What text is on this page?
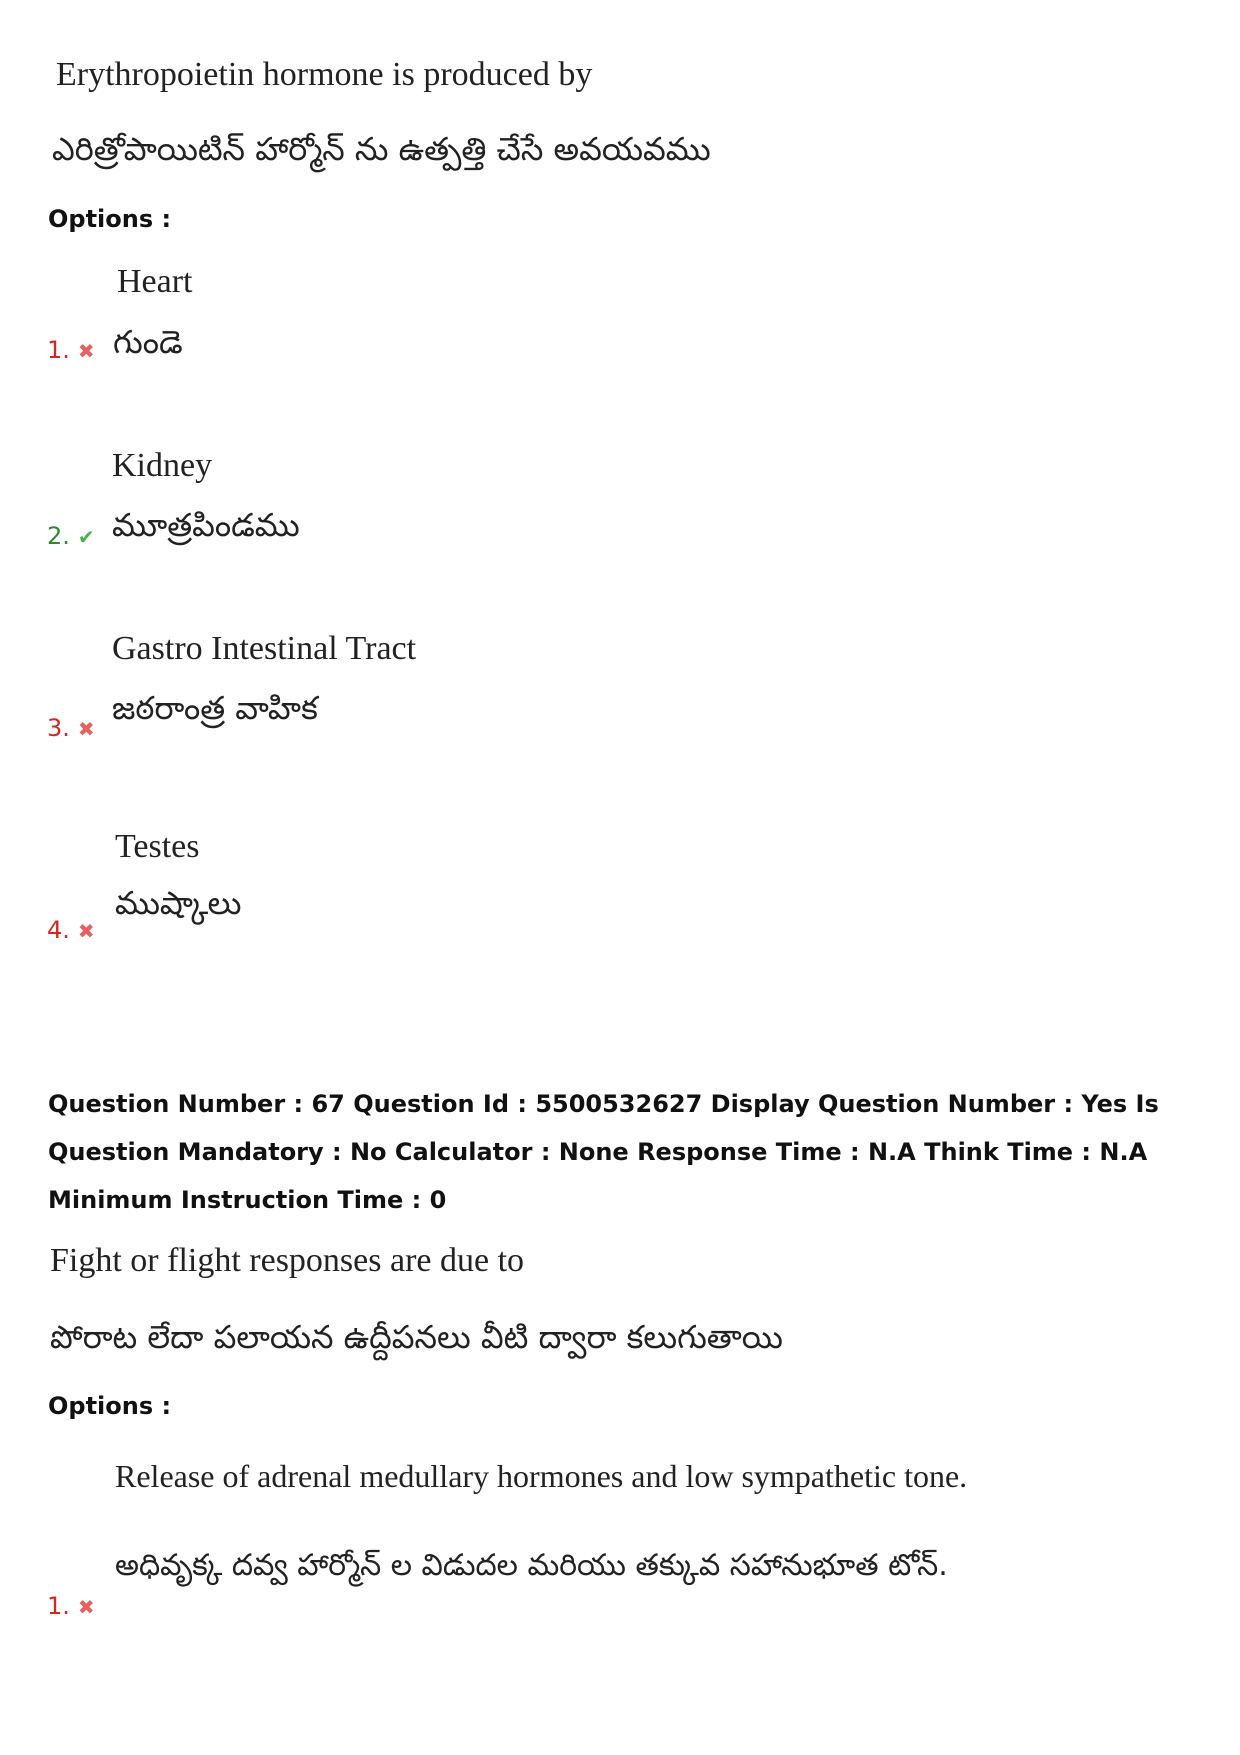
Erythropoietin hormone is produced by
ఎరిత్రోపాయిటిన్ హార్మోన్ ను ఉత్పత్తి చేసే అవయవము
Options :
Heart
గుండె
1. ✖
Kidney
మూత్రపిండము
2. ✔
Gastro Intestinal Tract
జఠరాంత్ర వాహిక
3. ✖
Testes
ముష్కాలు
4. ✖
Question Number : 67 Question Id : 5500532627 Display Question Number : Yes Is Question Mandatory : No Calculator : None Response Time : N.A Think Time : N.A Minimum Instruction Time : 0
Fight or flight responses are due to
పోరాట లేదా పలాయన ఉద్దీపనలు వీటి ద్వారా కలుగుతాయి
Options :
Release of adrenal medullary hormones and low sympathetic tone.
అధివృక్క దవ్వ హార్మోన్ ల విడుదల మరియు తక్కువ సహానుభూత టోన్.
1. ✖
